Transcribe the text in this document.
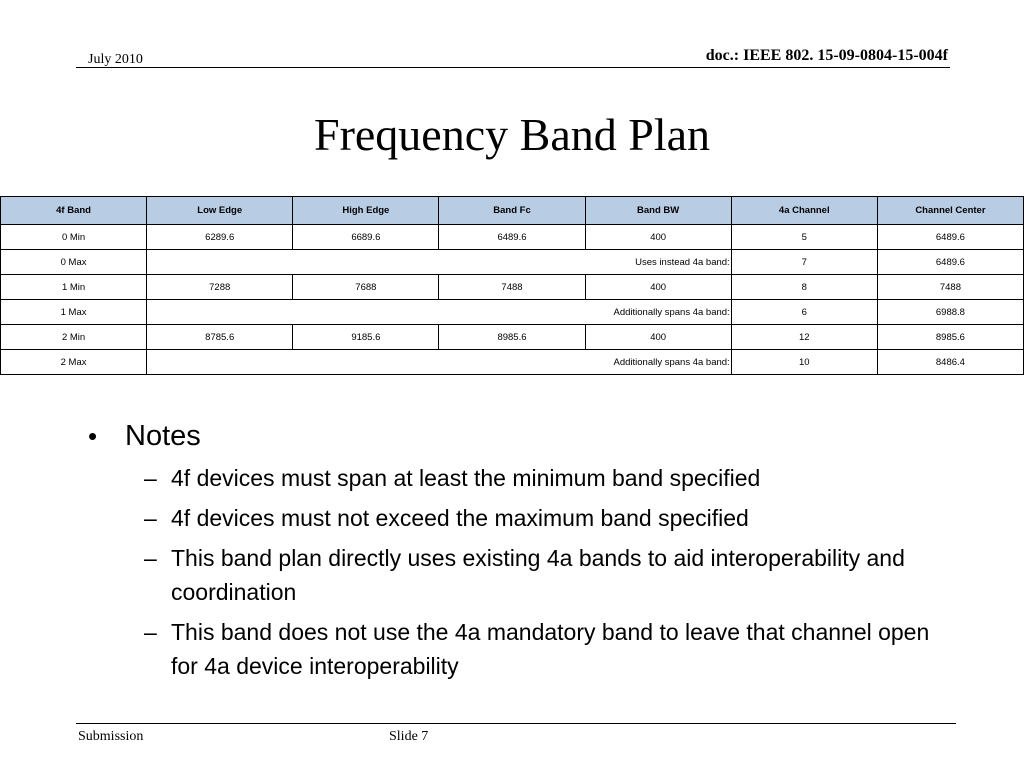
July 2010	doc.: IEEE 802. 15-09-0804-15-004f
Frequency Band Plan
4f Band	Low Edge	High Edge	Band Fc	Band BW	4a Channel	Channel Center
0 Min	6289.6	6689.6	6489.6	400	5	6489.6
0 Max	Uses instead 4a band:				7	6489.6
1 Min	7288	7688	7488	400	8	7488
1 Max	Additionally spans 4a band:				6	6988.8
2 Min	8785.6	9185.6	8985.6	400	12	8985.6
2 Max	Additionally spans 4a band:				10	8486.4
• Notes
– 4f devices must span at least the minimum band specified
– 4f devices must not exceed the maximum band specified
– This band plan directly uses existing 4a bands to aid interoperability and coordination
– This band does not use the 4a mandatory band to leave that channel open for 4a device interoperability
Submission	Slide 7
